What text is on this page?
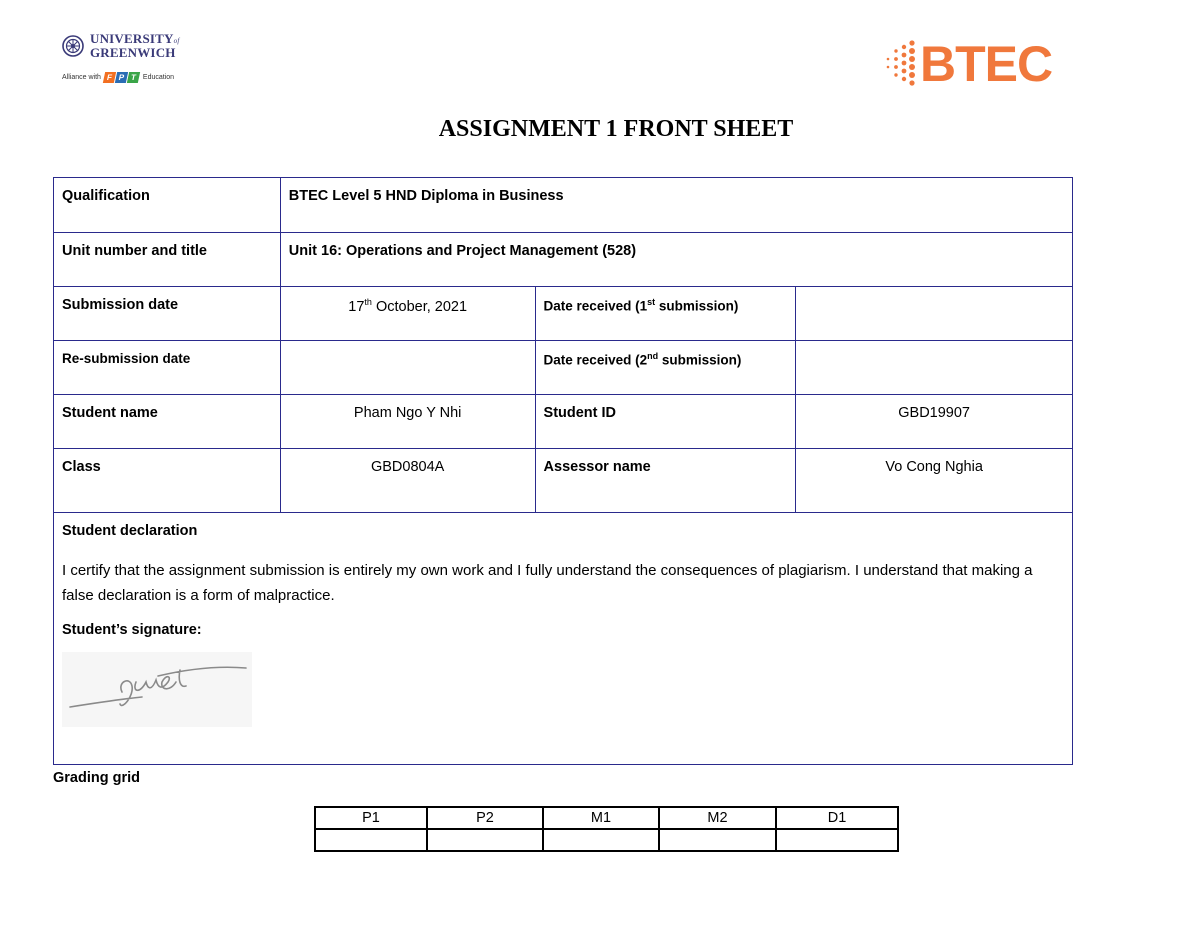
UNIVERSITYof
GREENWICH
Alliance with F P T Education	BTEC
ASSIGNMENT 1 FRONT SHEET
Qualification	BTEC Level 5 HND Diploma in Business		
Unit number and title	Unit 16: Operations and Project Management (528)		
Submission date	17th October, 2021	Date received (1st submission)	
Re-submission date		Date received (2nd submission)	
Student name	Pham Ngo Y Nhi	Student ID	GBD19907
Class	GBD0804A	Assessor name	Vo Cong Nghia

Student declaration
I certify that the assignment submission is entirely my own work and I fully understand the consequences of plagiarism. I understand that making a false declaration is a form of malpractice.
Student’s signature:			
Grading grid
P1	P2	M1	M2	D1
